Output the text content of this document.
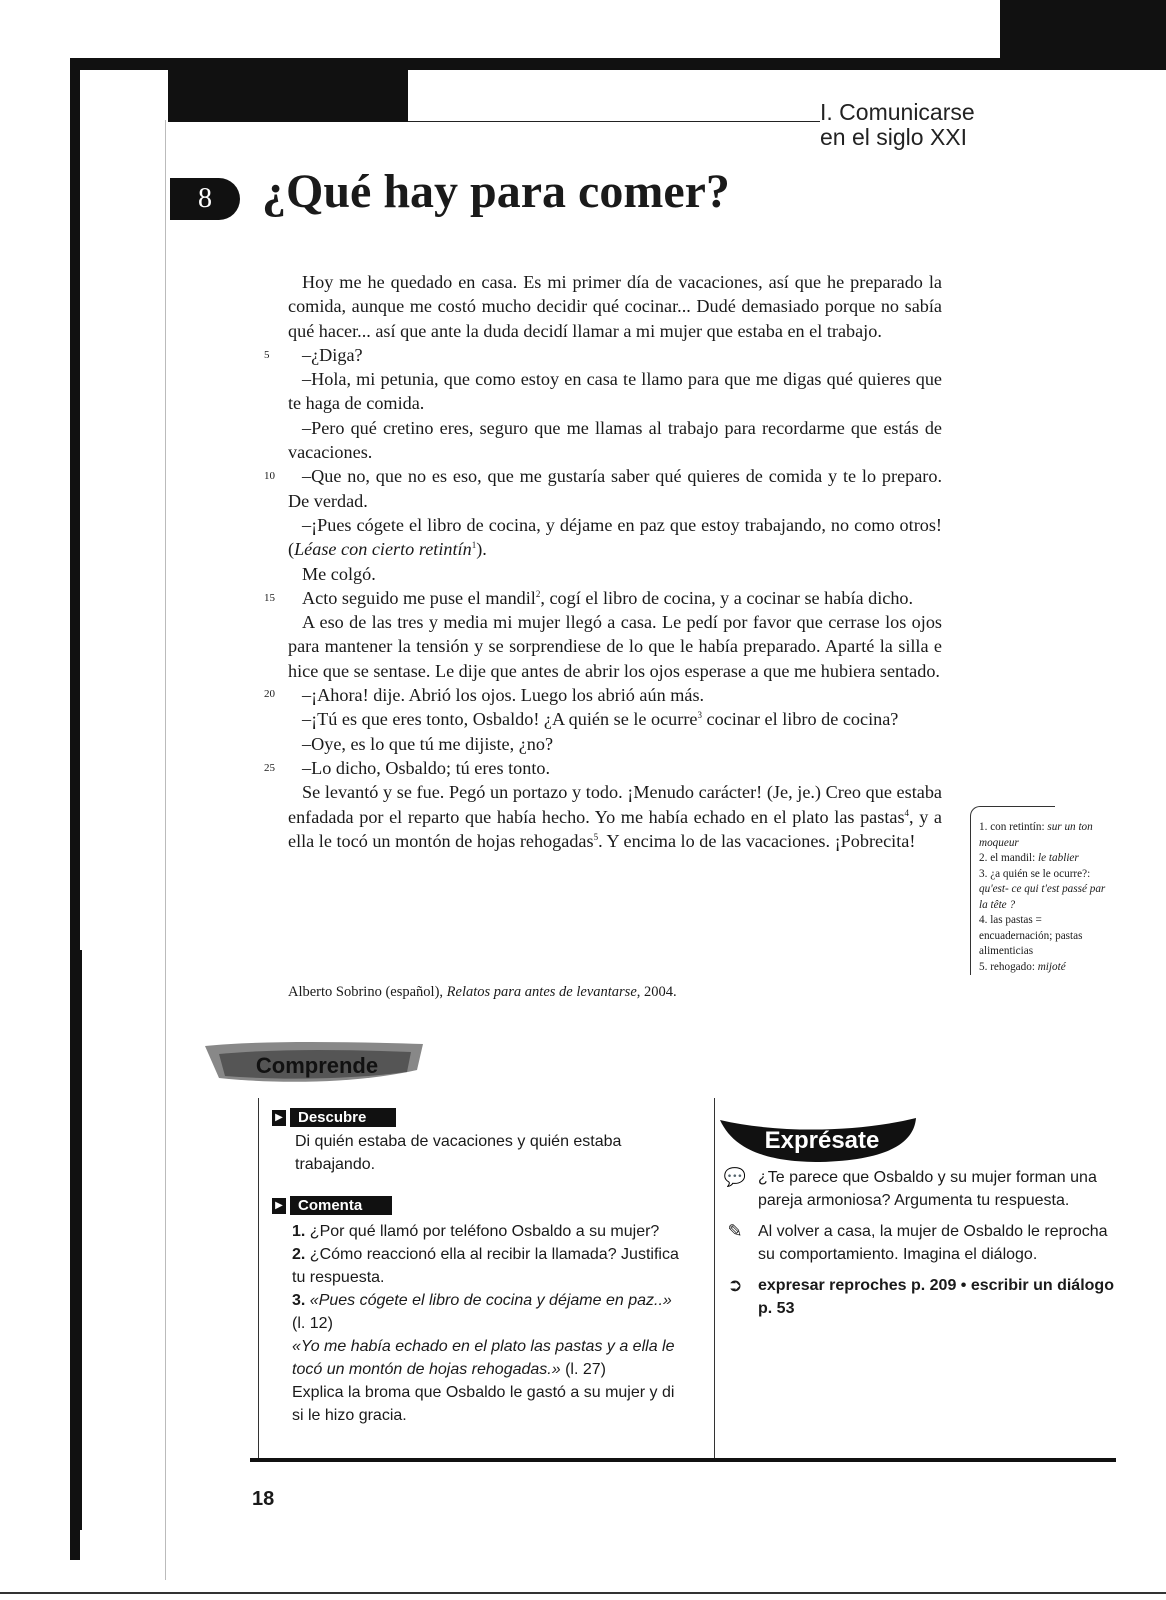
I. Comunicarse
en el siglo XXI
8	¿Qué hay para comer?

Hoy me he quedado en casa. Es mi primer día de vacaciones, así que he preparado la comida, aunque me costó mucho decidir qué cocinar... Dudé demasiado porque no sabía qué hacer... así que ante la duda decidí llamar a mi mujer que estaba en el trabajo.

5 –¿Diga?

–Hola, mi petunia, que como estoy en casa te llamo para que me digas qué quieres que te haga de comida.

–Pero qué cretino eres, seguro que me llamas al trabajo para recordarme que estás de vacaciones.

10 –Que no, que no es eso, que me gustaría saber qué quieres de comida y te lo preparo. De verdad.

–¡Pues cógete el libro de cocina, y déjame en paz que estoy trabajando, no como otros! (Léase con cierto retintín$^1$).

Me colgó.

15 Acto seguido me puse el mandil$^2$, cogí el libro de cocina, y a cocinar se había dicho.

20
A eso de las tres y media mi mujer llegó a casa. Le pedí por favor que cerrase los ojos para mantener la tensión y se sorprendiese de lo que le había preparado. Aparté la silla e hice que se sentase. Le dije que antes de abrir los ojos esperase a que me hubiera sentado.

–¡Ahora! dije. Abrió los ojos. Luego los abrió aún más.

–¡Tú es que eres tonto, Osbaldo! ¿A quién se le ocurre$^3$ cocinar el libro de cocina?

–Oye, es lo que tú me dijiste, ¿no?

25 –Lo dicho, Osbaldo; tú eres tonto.

Se levantó y se fue. Pegó un portazo y todo. ¡Menudo carácter! (Je, je.) Creo que estaba enfadada por el reparto que había hecho. Yo me había echado en el plato las pastas$^4$, y a ella le tocó un montón de hojas rehogadas$^5$. Y encima lo de las vacaciones. ¡Pobrecita!

Alberto Sobrino (español), Relatos para antes de levantarse, 2004.
1. con retintín: sur un ton moqueur
2. el mandil: le tablier
3. ¿a quién se le ocurre?: qu'est- ce qui t'est passé par la tête ?
4. las pastas = encuadernación; pastas alimenticias
5. rehogado: mijoté
Comprende
▶ Descubre
Di quién estaba de vacaciones y quién estaba trabajando.
▶ Comenta

1. ¿Por qué llamó por teléfono Osbaldo a su mujer?

2. ¿Cómo reaccionó ella al recibir la llamada? Justifica tu respuesta.

3. «Pues cógete el libro de cocina y déjame en paz..» (l. 12)

«Yo me había echado en el plato las pastas y a ella le tocó un montón de hojas rehogadas.» (l. 27)

Explica la broma que Osbaldo le gastó a su mujer y di si le hizo gracia.

Exprésate
💬 ¿Te parece que Osbaldo y su mujer forman una pareja armoniosa? Argumenta tu respuesta.
✎ Al volver a casa, la mujer de Osbaldo le reprocha su comportamiento. Imagina el diálogo.
➲ expresar reproches p. 209 • escribir un diálogo p. 53
18
